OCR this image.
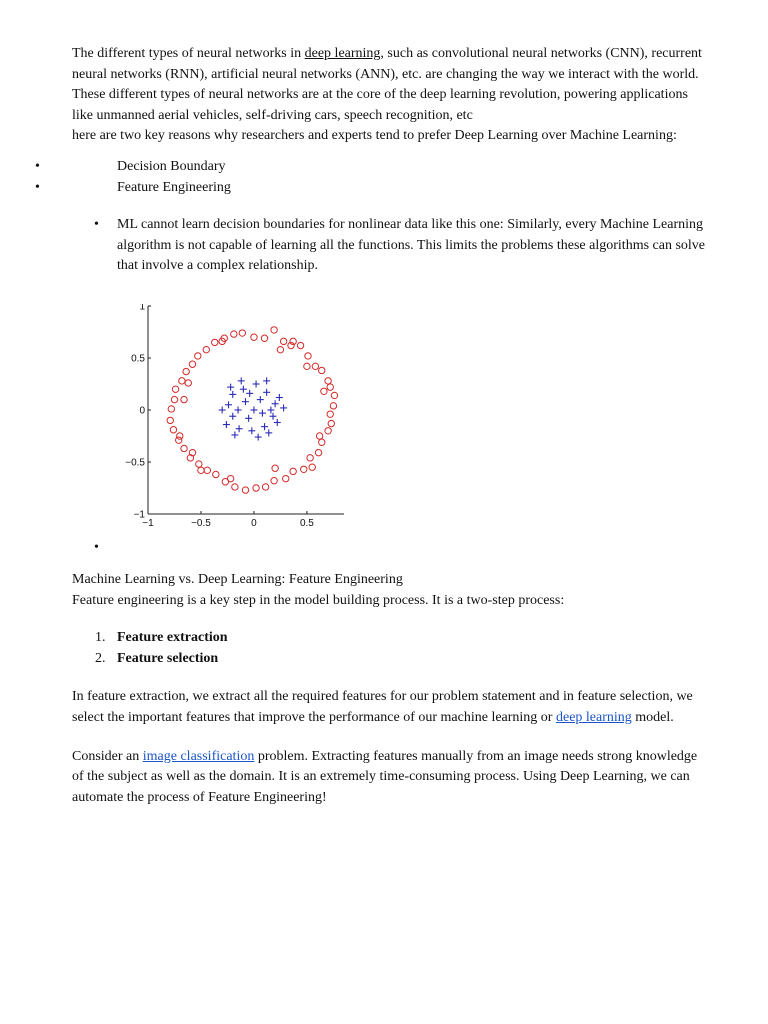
The different types of neural networks in deep learning, such as convolutional neural networks (CNN), recurrent neural networks (RNN), artificial neural networks (ANN), etc. are changing the way we interact with the world. These different types of neural networks are at the core of the deep learning revolution, powering applications like unmanned aerial vehicles, self-driving cars, speech recognition, etc
here are two key reasons why researchers and experts tend to prefer Deep Learning over Machine Learning:

•	Decision Boundary
•	Feature Engineering
• ML cannot learn decision boundaries for nonlinear data like this one: Similarly, every Machine Learning algorithm is not capable of learning all the functions. This limits the problems these algorithms can solve that involve a complex relationship.
−1
−0.5
0
0.5
1
−1	−0.5	0	0.5
•

Machine Learning vs. Deep Learning: Feature Engineering
Feature engineering is a key step in the model building process. It is a two-step process:

1. Feature extraction
2. Feature selection

In feature extraction, we extract all the required features for our problem statement and in feature selection, we select the important features that improve the performance of our machine learning or deep learning model.

Consider an image classification problem. Extracting features manually from an image needs strong knowledge of the subject as well as the domain. It is an extremely time-consuming process. Using Deep Learning, we can automate the process of Feature Engineering!
